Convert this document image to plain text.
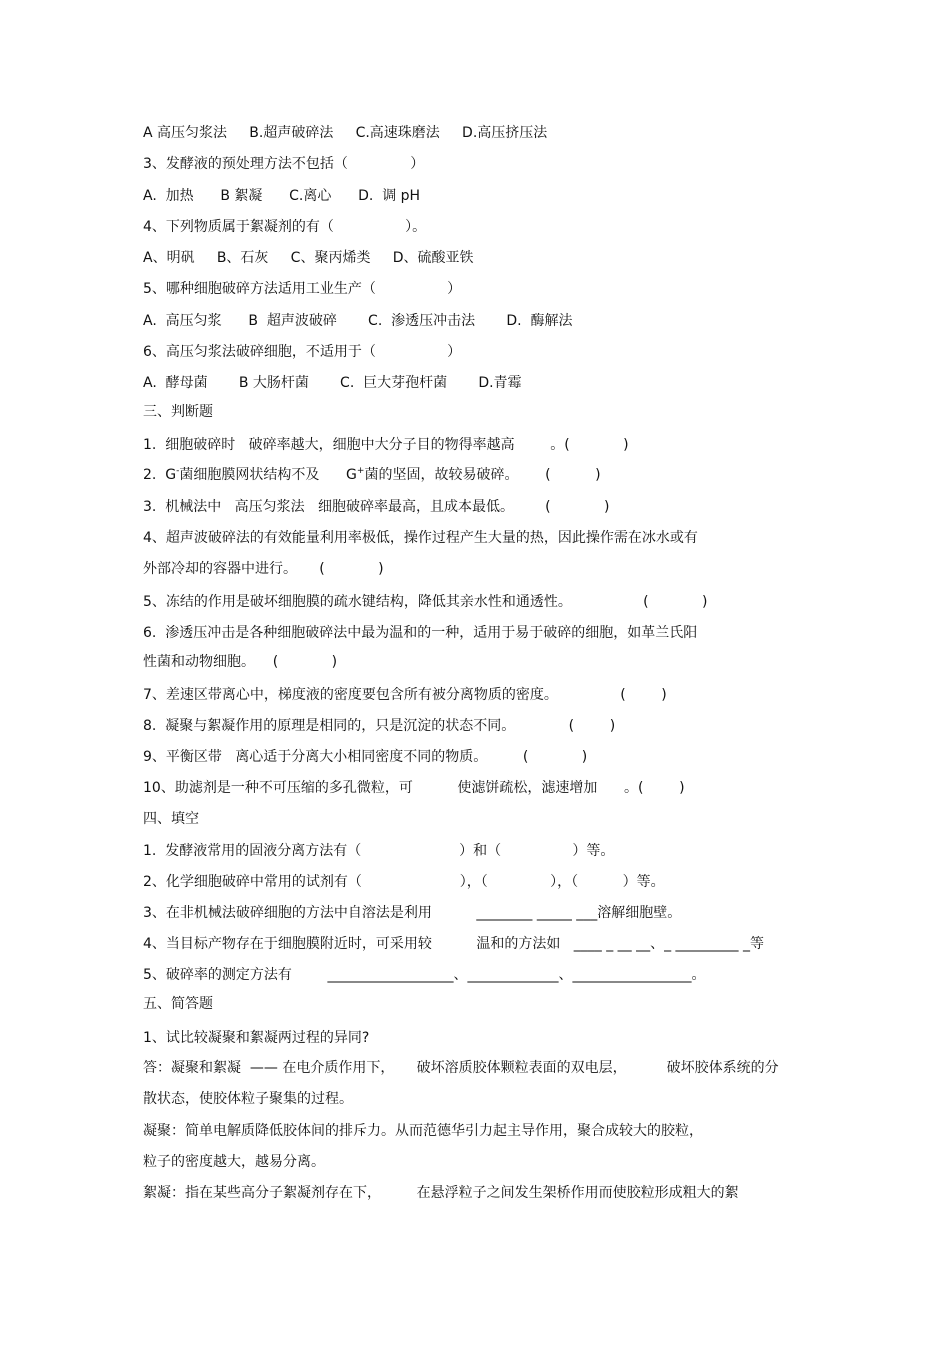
A 高压匀浆法     B.超声破碎法     C.高速珠磨法     D.高压挤压法
3、发酵液的预处理方法不包括（              ）
A.  加热      B 絮凝      C.离心      D.  调 pH
4、下列物质属于絮凝剂的有（                ）。
A、明矾     B、石灰     C、聚丙烯类     D、硫酸亚铁
5、哪种细胞破碎方法适用工业生产（                ）
A.  高压匀浆      B  超声波破碎       C.  渗透压冲击法       D.  酶解法
6、高压匀浆法破碎细胞，不适用于（                ）
A.  酵母菌       B 大肠杆菌       C.  巨大芽孢杆菌       D.青霉
三、判断题
1.  细胞破碎时   破碎率越大，细胞中大分子目的物得率越高        。(            )
2.  G-菌细胞膜网状结构不及      G+菌的坚固，故较易破碎。      (          )
3.  机械法中   高压匀浆法   细胞破碎率最高，且成本最低。       (            )
4、超声波破碎法的有效能量利用率极低，操作过程产生大量的热，因此操作需在冰水或有
外部冷却的容器中进行。     (            )
5、冻结的作用是破坏细胞膜的疏水键结构，降低其亲水性和通透性。                (            )
6.  渗透压冲击是各种细胞破碎法中最为温和的一种，适用于易于破碎的细胞，如革兰氏阳
性菌和动物细胞。    (            )
7、差速区带离心中，梯度液的密度要包含所有被分离物质的密度。              (        )
8.  凝聚与絮凝作用的原理是相同的，只是沉淀的状态不同。            (        )
9、平衡区带   离心适于分离大小相同密度不同的物质。        (            )
10、助滤剂是一种不可压缩的多孔微粒，可          使滤饼疏松，滤速增加      。(        )
四、填空
1.  发酵液常用的固液分离方法有（                      ）和（                ）等。
2、化学细胞破碎中常用的试剂有（                      ），（              ），（          ）等。
3、在非机械法破碎细胞的方法中自溶法是利用          ________ _____ ___溶解细胞壁。
4、当目标产物存在于细胞膜附近时，可采用较          温和的方法如   ____ _ __ __、_ _________ _等
5、破碎率的测定方法有        __________________、_____________、_________________。
五、简答题
1、试比较凝聚和絮凝两过程的异同?
答：凝聚和絮凝  —— 在电介质作用下，     破坏溶质胶体颗粒表面的双电层，         破坏胶体系统的分
散状态，使胶体粒子聚集的过程。
凝聚：简单电解质降低胶体间的排斥力。从而范德华引力起主导作用，聚合成较大的胶粒，
粒子的密度越大，越易分离。
絮凝：指在某些高分子絮凝剂存在下，        在悬浮粒子之间发生架桥作用而使胶粒形成粗大的絮
